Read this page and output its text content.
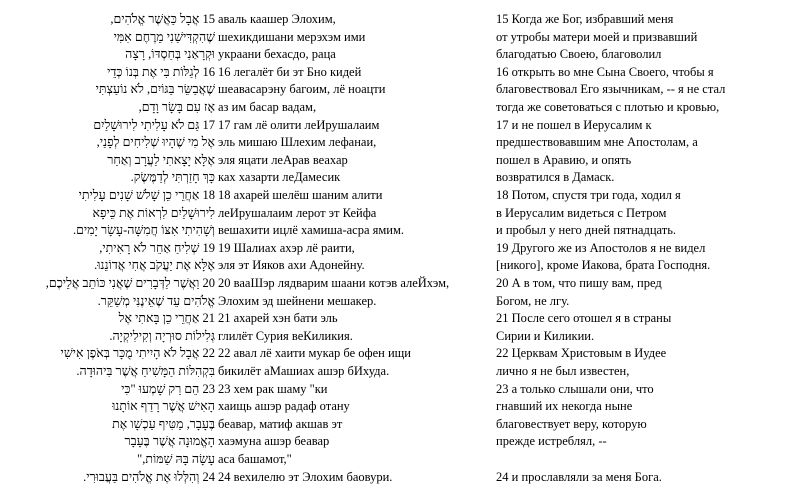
15 אֲבָל כַּאֲשֶׁר אֱלֹהִים, аваль каашер Элохим,	15 Когда же Бог, избравший меня
שֶׁהִקְדִּישַׁנִי מֵרֶחֶם אִמִּי шехикдишани мерэхэм ими	от утробы матери моей и призвавший
וּקְרָאַנִי בְּחַסְדּוֹ, רָצָה украани бехасдо, раца	благодатью Своею, благоволил
16 לְגַלּוֹת בִּי אֶת בְּנוֹ כְּדֵי 16 легалёт би эт Бно кидей	16 открыть во мне Сына Своего, чтобы я
שֶׁאֲבַשֵּׂר בַּגּוֹיִם, לֹא נוֹעַצְתִּי шеавасарэну багоим, лё ноацти	благовествовал Его язычникам, -- я не стал
אָז עִם בָּשָׂר וָדָם, аз им басар вадам,	тогда же советоваться с плотью и кровью,
17 גַּם לֹא עָלִיתִי לִירוּשָׁלַיִם 17 гам лё олити леИрушалаим	17 и не пошел в Иерусалим к
אֶל מִי שֶׁהָיוּ שְׁלִיחִים לְפָנַי, эль мишаю Шлехим лефанаи,	предшествовавшим мне Апостолам, а
אֶלָּא יָצָאתִי לַעֲרָב וְאַחַר эля яцати леАрав веахар	пошел в Аравию, и опять
כָּךְ חָזַרְתִּי לְדַמֶּשֶׂק. ках хазарти леДамесик	возвратился в Дамаск.
18 אַחֲרֵי כֵן שָׁלֹשׁ שָׁנִים עָלִיתִי 18 ахарей шелёш шаним алити	18 Потом, спустя три года, ходил я
לִירוּשָׁלַיִם לִרְאוֹת אֶת כֵּיפָא леИрушалаим лерот эт Кейфа	в Иерусалим видеться с Петром
וְשָׁהִיתִי אִצּוֹ חֲמִשָּׁה-עָשָׂר יָמִים. вешахити ицлё хамиша-асра ямим.	и пробыл у него дней пятнадцать.
19 שְׁלִיחַ אַחֵר לֹא רָאִיתִי, 19 Шалиах ахэр лё раити,	19 Другого же из Апостолов я не видел
אֶלָּא אֶת יַעֲקֹב אֲחִי אֲדוֹנֵנוּ. эля эт Ияков ахи Адонейну.	[никого], кроме Иакова, брата Господня.
20 וַאֲשֶׁר לַדְּבָרִים שֶׁאֲנִי כּוֹתֵב אֲלֵיכֶם, 20 вааШэр лядварим шаани котэв алеЙхэм,	20 А в том, что пишу вам, пред
אֱלֹהִים עֵד שֶׁאֵינֶנִּי מְשַׁקֵּר. Элохим эд шейнени мешакер.	Богом, не лгу.
21 אַחֲרֵי כֵן בָּאתִי אֶל 21 ахарей хэн бати эль	21 После сего отошел я в страны
גְּלִילוֹת סוּרְיָה וְקִילִיקְיָה. глилёт Сурия веКиликия.	Сирии и Киликии.
22 אֲבָל לֹא הָיִיתִי מֻכָּר בְּאֹפֶן אִישִׁי 22 авал лё хаити мукар бе офен ищи	22 Церквам Христовым в Иудее
בִּקְהִלּוֹת הַמָּשִׁיחַ אֲשֶׁר בִּיהוּדָה. бикилёт аМашиах ашэр бИхуда.	лично я не был известен,
23 הֵם רַק שָׁמְעוּ "כִּי 23 хем рак шаму "ки	23 а только слышали они, что
הָאִישׁ אֲשֶׁר רָדַף אוֹתָנוּ хаищь ашэр радаф отану	гнавший их некогда ныне
בֶּעָבָר, מַטִּיף עַכְשָׁו אֶת беавар, матиф акшав эт	благовествует веру, которую
הָאֱמוּנָה אֲשֶׁר בֶּעָבָר хаэмуна ашэр беавар	прежде истреблял, --
עָשָׂה בָּהּ שַׁמּוֹת," аса башамот,"
24 וְהִלְּלוּ אֶת אֱלֹהִים בַּעֲבוּרִי. 24 вехилелю эт Элохим баовури.	24 и прославляли за меня Бога.
